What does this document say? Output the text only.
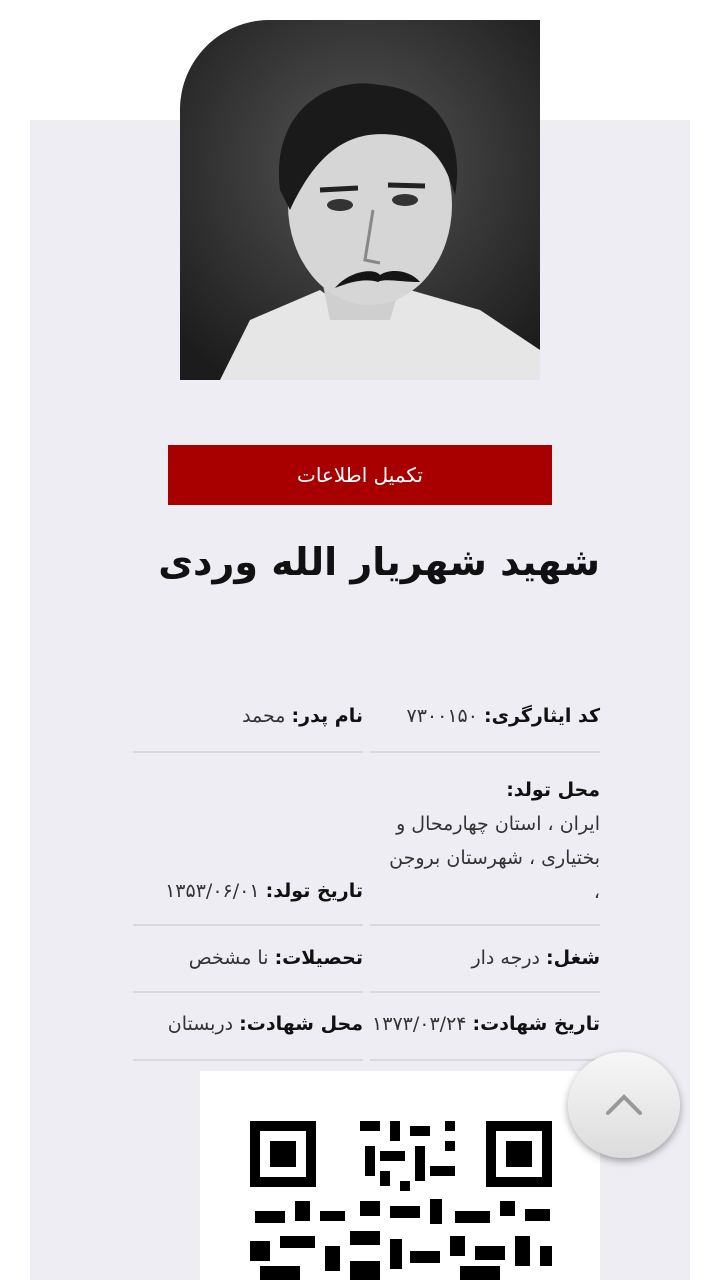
تکمیل اطلاعات
شهید شهریار الله وردی
کد ایثارگری: ۷۳۰۰۱۵۰
نام پدر: محمد
محل تولد:
ایران ، استان چهارمحال و
بختیاری ، شهرستان بروجن
،
تاریخ تولد: ۱۳۵۳/۰۶/۰۱
شغل: درجه دار
تحصیلات: نا مشخص
تاریخ شهادت: ۱۳۷۳/۰۳/۲۴
محل شهادت: دربستان
